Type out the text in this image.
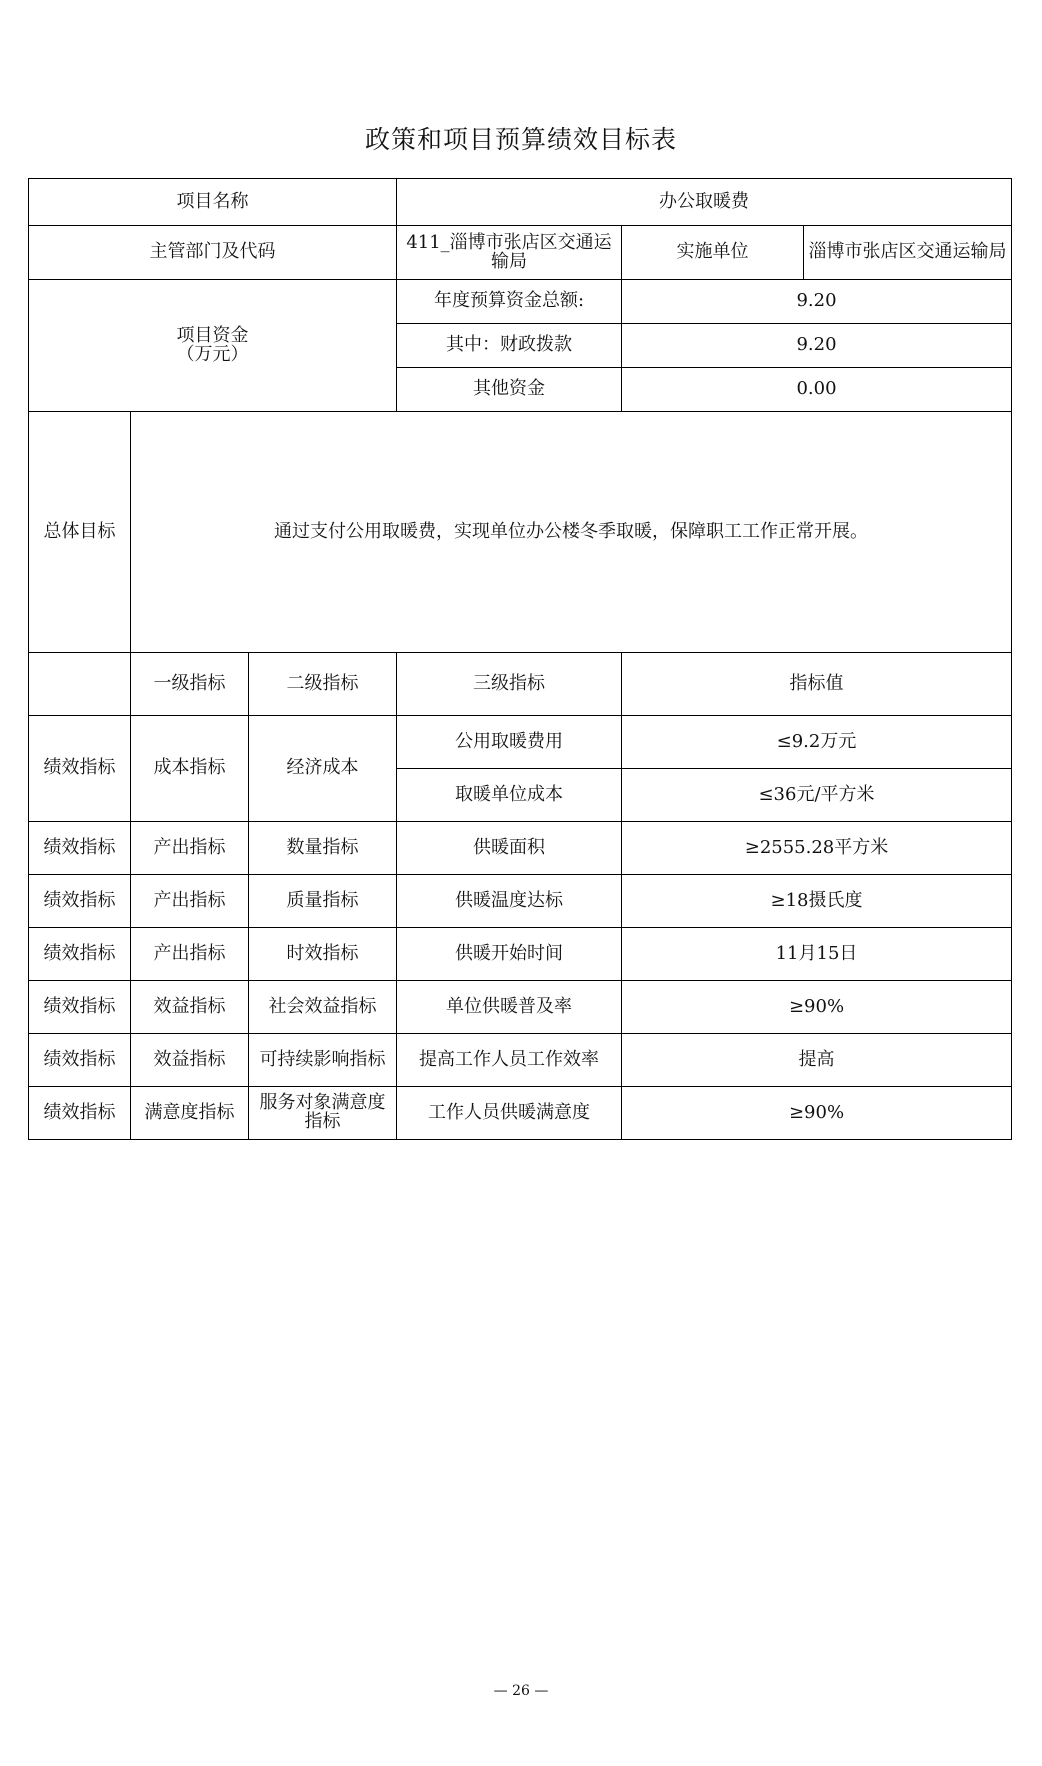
政策和项目预算绩效目标表
项目名称			办公取暖费		
主管部门及代码			411_淄博市张店区交通运输局	实施单位	淄博市张店区交通运输局
项目资金
（万元）			年度预算资金总额:	9.20	
			其中：财政拨款	9.20	
			其他资金	0.00	
总体目标	通过支付公用取暖费，实现单位办公楼冬季取暖，保障职工工作正常开展。				
	一级指标	二级指标	三级指标	指标值	
绩效指标	成本指标	经济成本	公用取暖费用	≤9.2万元	
			取暖单位成本	≤36元/平方米	
绩效指标	产出指标	数量指标	供暖面积	≥2555.28平方米	
绩效指标	产出指标	质量指标	供暖温度达标	≥18摄氏度	
绩效指标	产出指标	时效指标	供暖开始时间	11月15日	
绩效指标	效益指标	社会效益指标	单位供暖普及率	≥90%	
绩效指标	效益指标	可持续影响指标	提高工作人员工作效率	提高	
绩效指标	满意度指标	服务对象满意度指标	工作人员供暖满意度	≥90%	
— 26 —
